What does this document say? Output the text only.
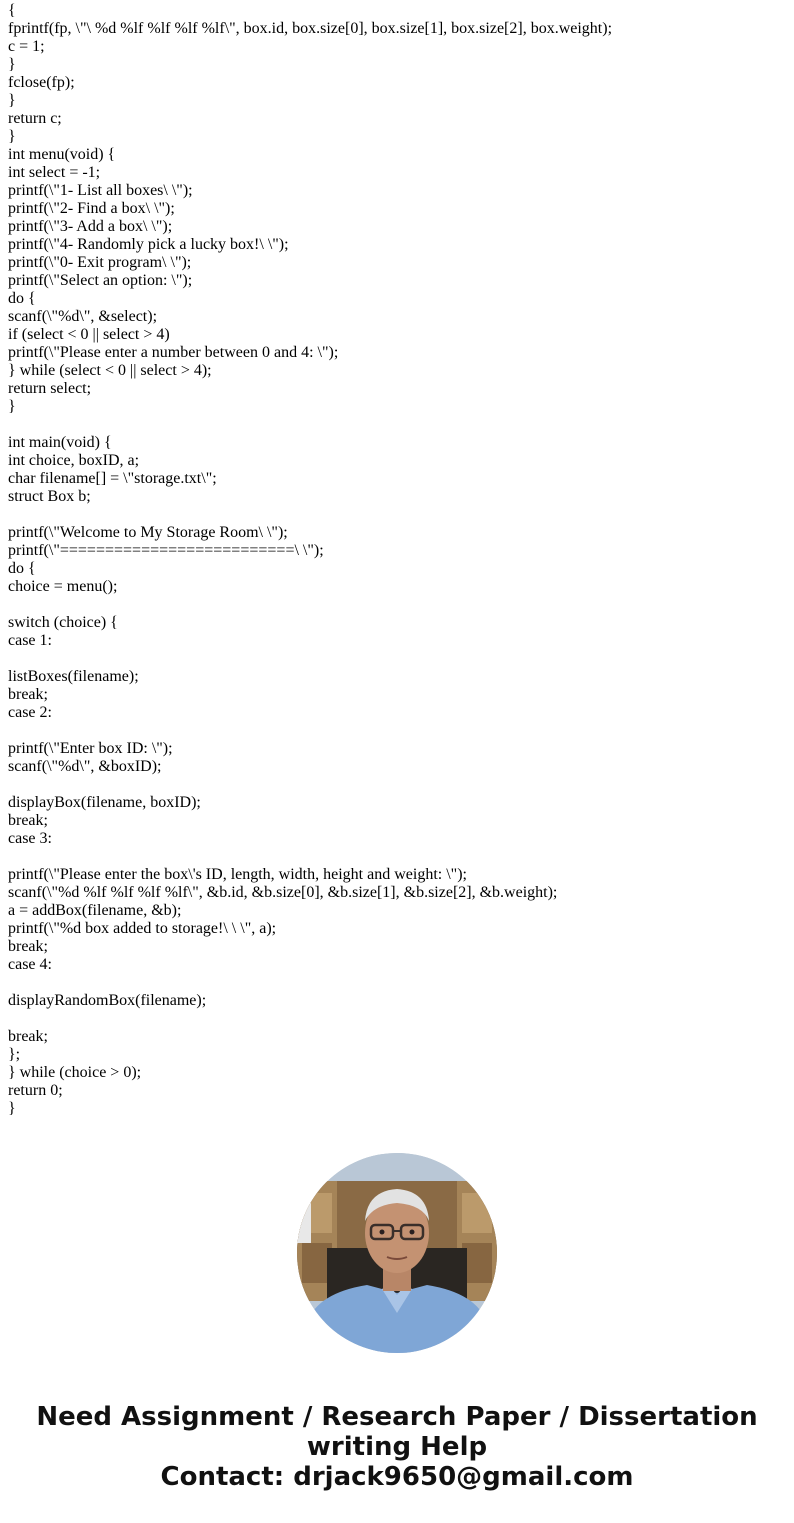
{
fprintf(fp, \"\ %d %lf %lf %lf %lf\", box.id, box.size[0], box.size[1], box.size[2], box.weight);
c = 1;
}
fclose(fp);
}
return c;
}
int menu(void) {
int select = -1;
printf(\"1- List all boxes\ \");
printf(\"2- Find a box\ \");
printf(\"3- Add a box\ \");
printf(\"4- Randomly pick a lucky box!\ \");
printf(\"0- Exit program\ \");
printf(\"Select an option: \");
do {
scanf(\"%d\", &select);
if (select < 0 || select > 4)
printf(\"Please enter a number between 0 and 4: \");
} while (select < 0 || select > 4);
return select;
}
int main(void) {
int choice, boxID, a;
char filename[] = \"storage.txt\";
struct Box b;
printf(\"Welcome to My Storage Room\ \");
printf(\"==========================\ \");
do {
choice = menu();
switch (choice) {
case 1:
listBoxes(filename);
break;
case 2:
printf(\"Enter box ID: \");
scanf(\"%d\", &boxID);
displayBox(filename, boxID);
break;
case 3:
printf(\"Please enter the box\'s ID, length, width, height and weight: \");
scanf(\"%d %lf %lf %lf %lf\", &b.id, &b.size[0], &b.size[1], &b.size[2], &b.weight);
a = addBox(filename, &b);
printf(\"%d box added to storage!\ \ \", a);
break;
case 4:
displayRandomBox(filename);
break;
};
} while (choice > 0);
return 0;
}
Need Assignment / Research Paper / Dissertation
writing Help
Contact: drjack9650@gmail.com
